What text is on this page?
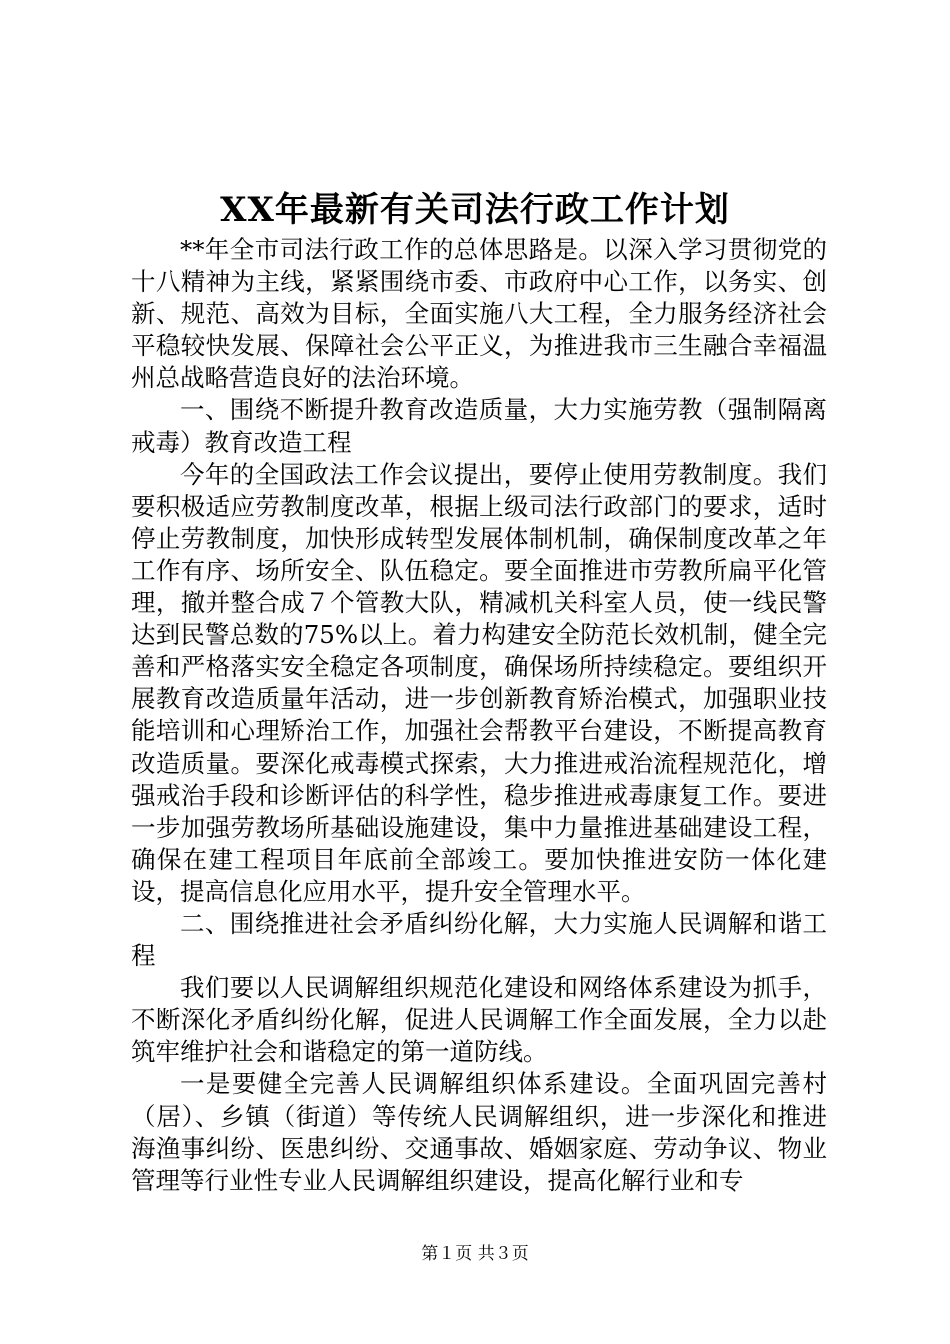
XX年最新有关司法行政工作计划

**年全市司法行政工作的总体思路是。以深入学习贯彻党的十八精神为主线，紧紧围绕市委、市政府中心工作，以务实、创新、规范、高效为目标，全面实施八大工程，全力服务经济社会平稳较快发展、保障社会公平正义，为推进我市三生融合幸福温州总战略营造良好的法治环境。

一、围绕不断提升教育改造质量，大力实施劳教（强制隔离戒毒）教育改造工程

今年的全国政法工作会议提出，要停止使用劳教制度。我们要积极适应劳教制度改革，根据上级司法行政部门的要求，适时停止劳教制度，加快形成转型发展体制机制，确保制度改革之年工作有序、场所安全、队伍稳定。要全面推进市劳教所扁平化管理，撤并整合成７个管教大队，精减机关科室人员，使一线民警达到民警总数的75%以上。着力构建安全防范长效机制，健全完善和严格落实安全稳定各项制度，确保场所持续稳定。要组织开展教育改造质量年活动，进一步创新教育矫治模式，加强职业技能培训和心理矫治工作，加强社会帮教平台建设，不断提高教育改造质量。要深化戒毒模式探索，大力推进戒治流程规范化，增强戒治手段和诊断评估的科学性，稳步推进戒毒康复工作。要进一步加强劳教场所基础设施建设，集中力量推进基础建设工程，确保在建工程项目年底前全部竣工。要加快推进安防一体化建设，提高信息化应用水平，提升安全管理水平。

二、围绕推进社会矛盾纠纷化解，大力实施人民调解和谐工程

我们要以人民调解组织规范化建设和网络体系建设为抓手，不断深化矛盾纠纷化解，促进人民调解工作全面发展，全力以赴筑牢维护社会和谐稳定的第一道防线。

一是要健全完善人民调解组织体系建设。全面巩固完善村（居）、乡镇（街道）等传统人民调解组织，进一步深化和推进海渔事纠纷、医患纠纷、交通事故、婚姻家庭、劳动争议、物业管理等行业性专业人民调解组织建设，提高化解行业和专

第１页 共３页
